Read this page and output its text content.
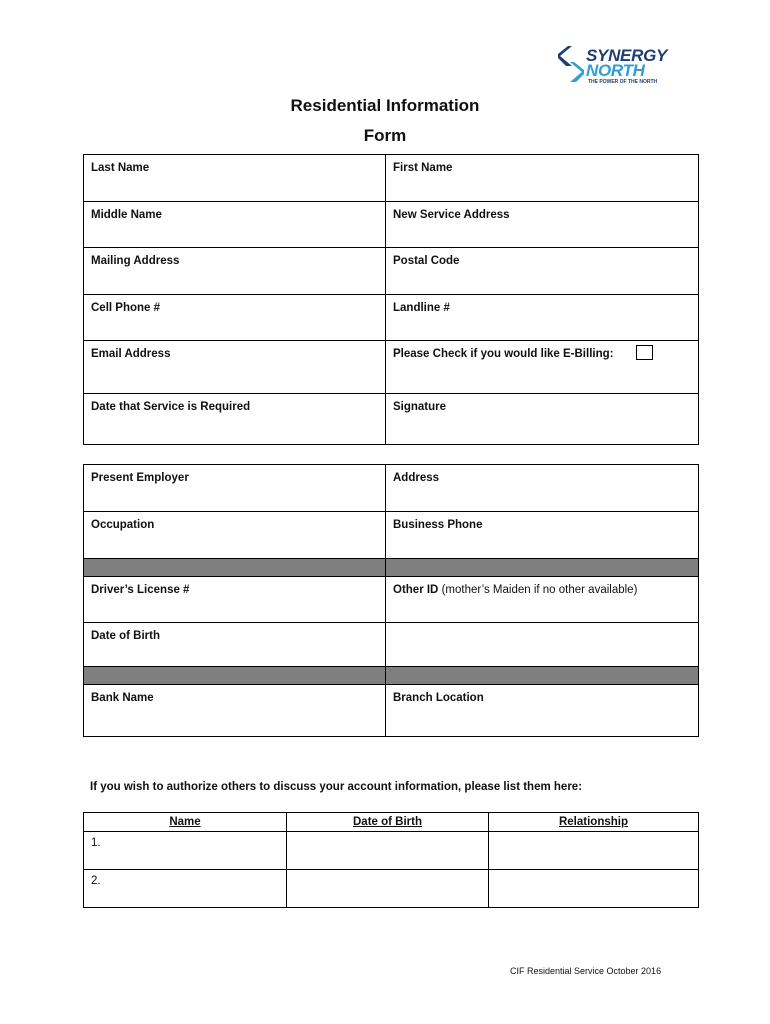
SYNERGY
NORTH
THE POWER OF THE NORTH
Residential Information
Form
Last Name	First Name
Middle Name	New Service Address
Mailing Address	Postal Code
Cell Phone #	Landline #
Email Address	Please Check if you would like E-Billing:
Date that Service is Required	Signature
Present Employer	Address
Occupation	Business Phone

Driver’s License #	Other ID (mother’s Maiden if no other available)
Date of Birth	

Bank Name	Branch Location
If you wish to authorize others to discuss your account information, please list them here:
Name	Date of Birth	Relationship
1.		
2.		
CIF Residential Service October 2016
